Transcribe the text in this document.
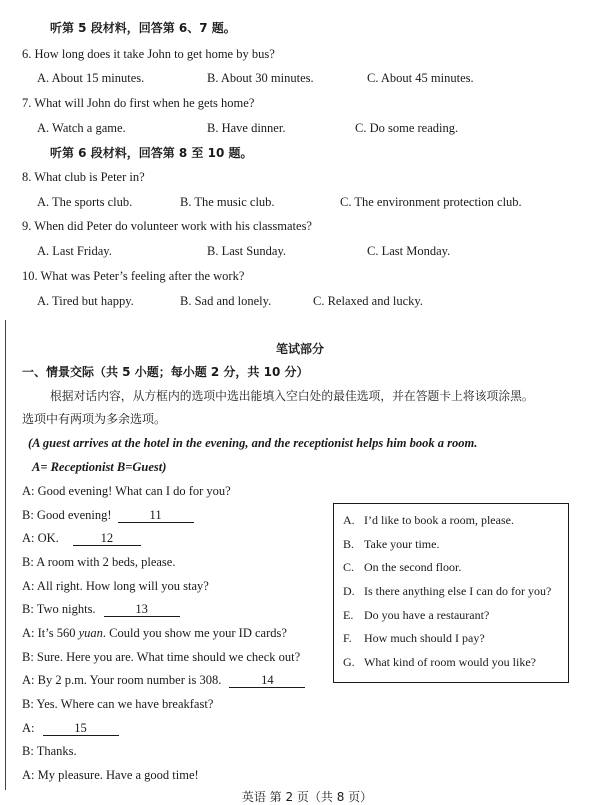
听第 5 段材料，回答第 6、7 题。
6. How long does it take John to get home by bus?
A. About 15 minutes.	B. About 30 minutes.	C. About 45 minutes.
7. What will John do first when he gets home?
A. Watch a game.	B. Have dinner.	C. Do some reading.
听第 6 段材料，回答第 8 至 10 题。
8. What club is Peter in?
A. The sports club.	B. The music club.	C. The environment protection club.
9. When did Peter do volunteer work with his classmates?
A. Last Friday.	B. Last Sunday.	C. Last Monday.
10. What was Peter’s feeling after the work?
A. Tired but happy.	B. Sad and lonely.	C. Relaxed and lucky.
笔试部分
一、情景交际（共 5 小题；每小题 2 分，共 10 分）
根据对话内容，从方框内的选项中选出能填入空白处的最佳选项，并在答题卡上将该项涂黑。
选项中有两项为多余选项。
(A guest arrives at the hotel in the evening, and the receptionist helps him book a room.
A= Receptionist B=Guest)
A: Good evening! What can I do for you?
B: Good evening!	11
A: OK.	12
B: A room with 2 beds, please.
A: All right. How long will you stay?
B: Two nights.	13
A: It’s 560 yuan. Could you show me your ID cards?
B: Sure. Here you are. What time should we check out?
A: By 2 p.m. Your room number is 308.	14
B: Yes. Where can we have breakfast?
A:	15
B: Thanks.
A: My pleasure. Have a good time!
A. I’d like to book a room, please.
B. Take your time.
C. On the second floor.
D. Is there anything else I can do for you?
E. Do you have a restaurant?
F. How much should I pay?
G. What kind of room would you like?
英语 第 2 页（共 8 页）
